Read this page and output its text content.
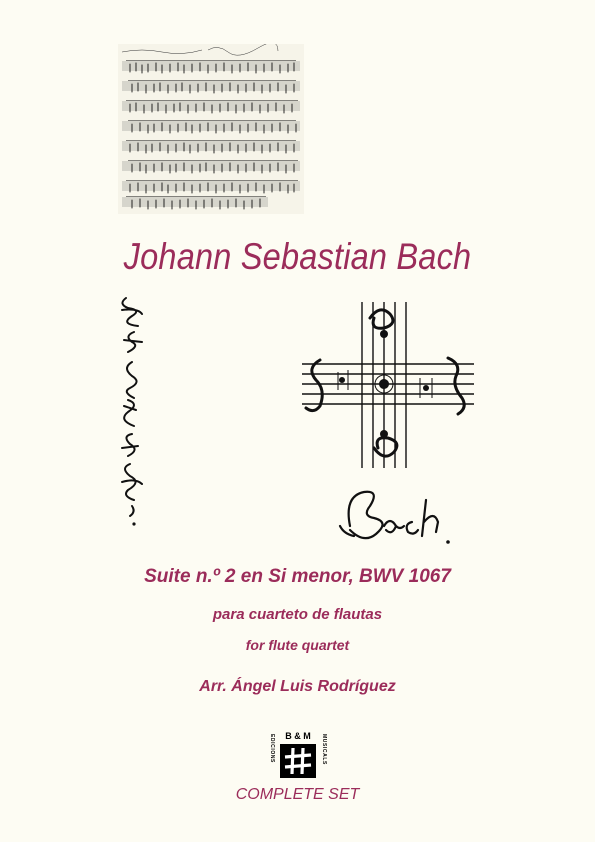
Johann Sebastian Bach
Suite n.º 2 en Si menor, BWV 1067
para cuarteto de flautas
for flute quartet
Arr. Ángel Luis Rodríguez
EDICIONS	MUSICALS
B & M
COMPLETE SET
